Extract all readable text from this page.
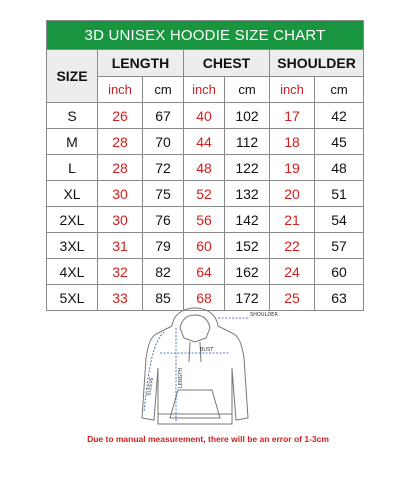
3D UNISEX HOODIE SIZE CHART						
SIZE	LENGTH		CHEST		SHOULDER	
	inch	cm	inch	cm	inch	cm
S	26	67	40	102	17	42
M	28	70	44	112	18	45
L	28	72	48	122	19	48
XL	30	75	52	132	20	51
2XL	30	76	56	142	21	54
3XL	31	79	60	152	22	57
4XL	32	82	64	162	24	60
5XL	33	85	68	172	25	63
SHOULDER
BUST
LENGTH
SLEEVE
Due to manual measurement, there will be an error of 1-3cm
